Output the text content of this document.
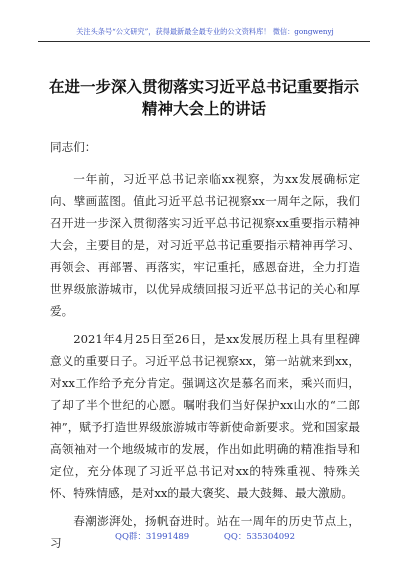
关注头条号“公文研究”，获得最新最全最专业的公文资料库！ 微信：gongwenyj
在进一步深入贯彻落实习近平总书记重要指示
精神大会上的讲话

同志们：

一年前，习近平总书记亲临xx视察，为xx发展确标定向、擘画蓝图。值此习近平总书记视察xx一周年之际，我们召开进一步深入贯彻落实习近平总书记视察xx重要指示精神大会，主要目的是，对习近平总书记重要指示精神再学习、再领会、再部署、再落实，牢记重托，感恩奋进，全力打造世界级旅游城市，以优异成绩回报习近平总书记的关心和厚爱。

2021年4月25日至26日，是xx发展历程上具有里程碑意义的重要日子。习近平总书记视察xx，第一站就来到xx，对xx工作给予充分肯定。强调这次是慕名而来，乘兴而归，了却了半个世纪的心愿。嘱咐我们当好保护xx山水的“二郎神”，赋予打造世界级旅游城市等新使命新要求。党和国家最高领袖对一个地级城市的发展，作出如此明确的精准指导和定位，充分体现了习近平总书记对xx的特殊重视、特殊关怀、特殊情感，是对xx的最大褒奖、最大鼓舞、最大激励。

春潮澎湃处，扬帆奋进时。站在一周年的历史节点上，习	QQ群：31991489	QQ：535304092
